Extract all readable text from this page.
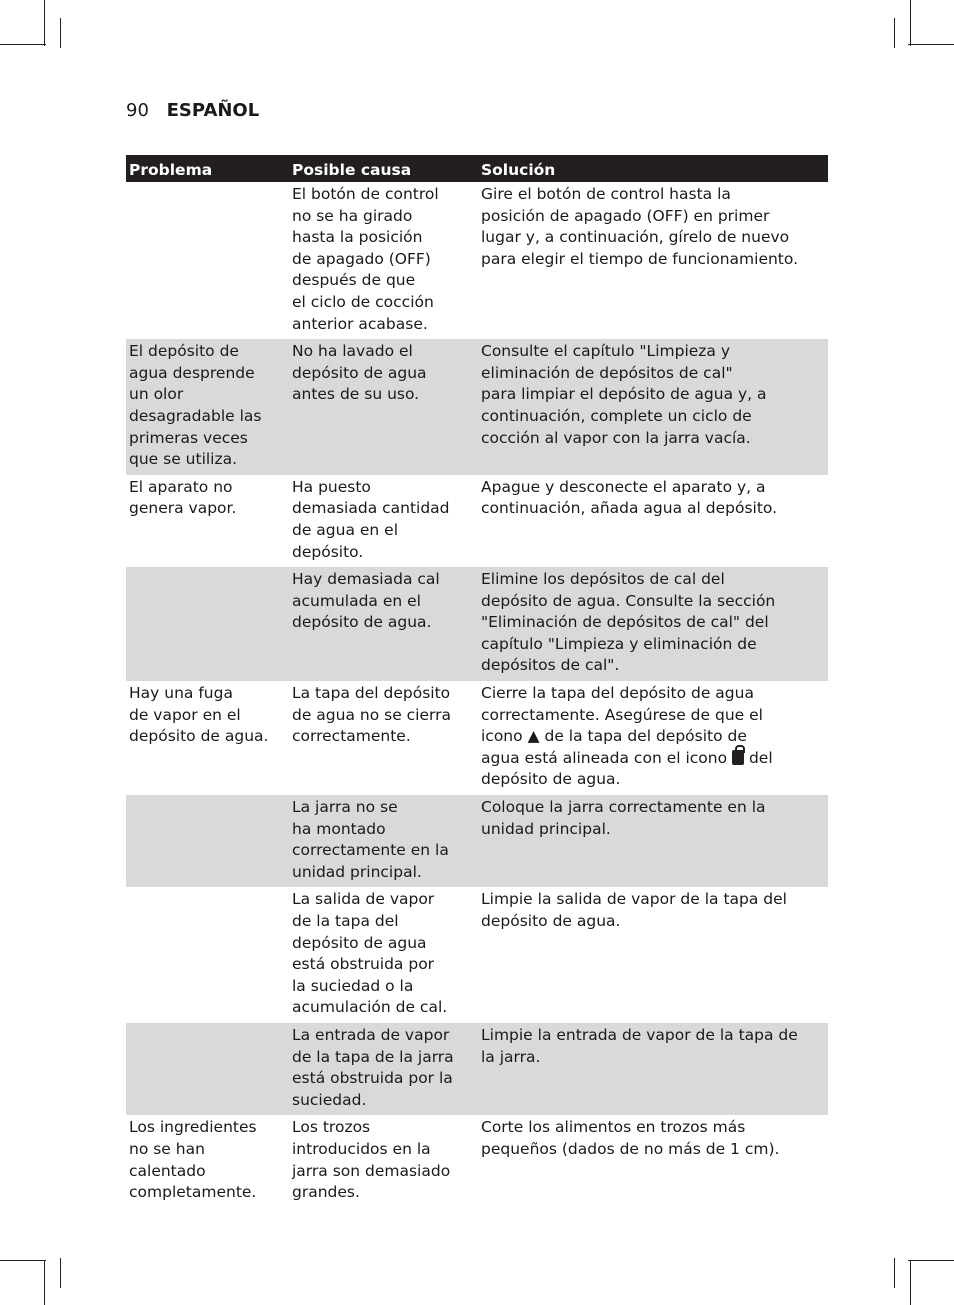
90 ESPAÑOL
Problema	Posible causa	Solución
El botón de control
no se ha girado
hasta la posición
de apagado (OFF)
después de que
el ciclo de cocción
anterior acabase.
Gire el botón de control hasta la
posición de apagado (OFF) en primer
lugar y, a continuación, gírelo de nuevo
para elegir el tiempo de funcionamiento.
El depósito de
agua desprende
un olor
desagradable las
primeras veces
que se utiliza.
No ha lavado el
depósito de agua
antes de su uso.
Consulte el capítulo "Limpieza y
eliminación de depósitos de cal"
para limpiar el depósito de agua y, a
continuación, complete un ciclo de
cocción al vapor con la jarra vacía.
El aparato no
genera vapor.
Ha puesto
demasiada cantidad
de agua en el
depósito.
Apague y desconecte el aparato y, a
continuación, añada agua al depósito.
Hay demasiada cal
acumulada en el
depósito de agua.
Elimine los depósitos de cal del
depósito de agua. Consulte la sección
"Eliminación de depósitos de cal" del
capítulo "Limpieza y eliminación de
depósitos de cal".
Hay una fuga
de vapor en el
depósito de agua.
La tapa del depósito
de agua no se cierra
correctamente.
Cierre la tapa del depósito de agua
correctamente. Asegúrese de que el
icono ▲ de la tapa del depósito de
agua está alineada con el icono  del
depósito de agua.
La jarra no se
ha montado
correctamente en la
unidad principal.
Coloque la jarra correctamente en la
unidad principal.
La salida de vapor
de la tapa del
depósito de agua
está obstruida por
la suciedad o la
acumulación de cal.
Limpie la salida de vapor de la tapa del
depósito de agua.
La entrada de vapor
de la tapa de la jarra
está obstruida por la
suciedad.
Limpie la entrada de vapor de la tapa de
la jarra.
Los ingredientes
no se han
calentado
completamente.
Los trozos
introducidos en la
jarra son demasiado
grandes.
Corte los alimentos en trozos más
pequeños (dados de no más de 1 cm).
